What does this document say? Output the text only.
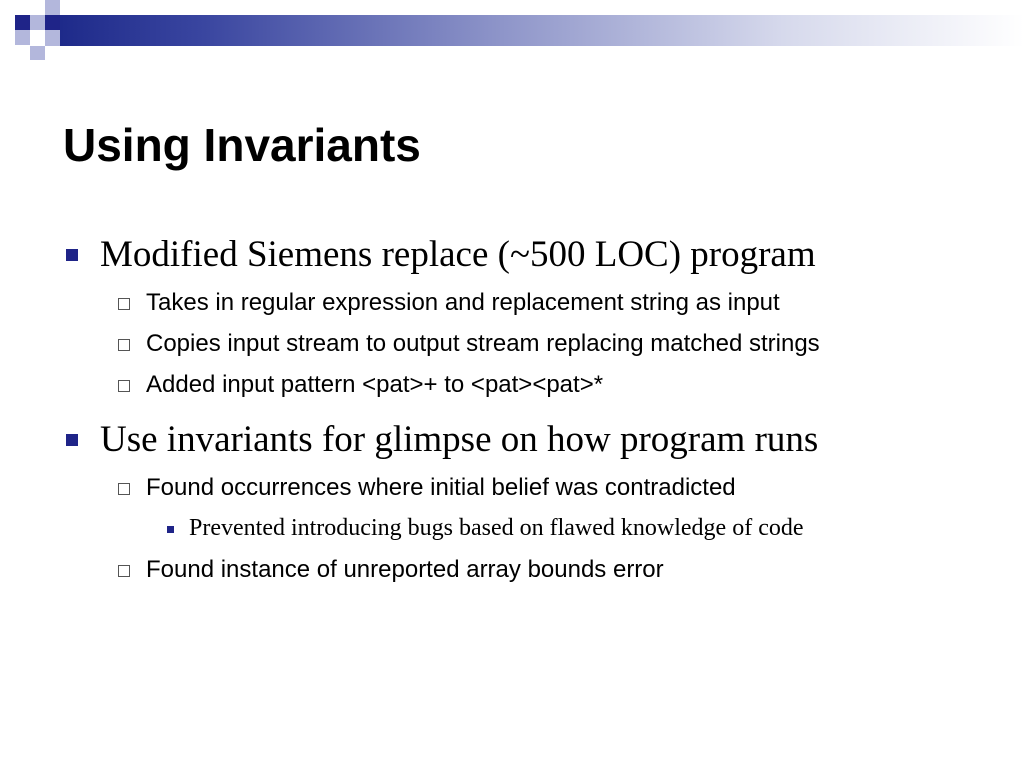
Using Invariants
Modified Siemens replace (~500 LOC) program
Takes in regular expression and replacement string as input
Copies input stream to output stream replacing matched strings
Added input pattern <pat>+ to <pat><pat>*
Use invariants for glimpse on how program runs
Found occurrences where initial belief was contradicted
Prevented introducing bugs based on flawed knowledge of code
Found instance of unreported array bounds error
